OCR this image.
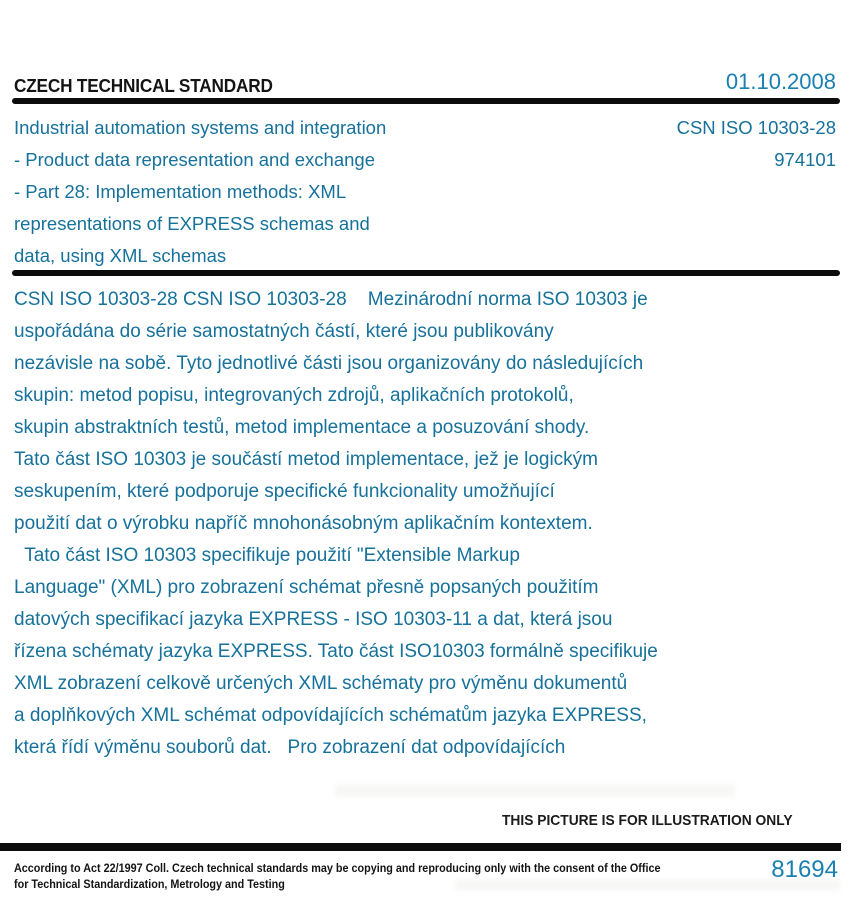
CZECH TECHNICAL STANDARD	01.10.2008
Industrial automation systems and integration
- Product data representation and exchange
- Part 28: Implementation methods: XML
representations of EXPRESS schemas and
data, using XML schemas
CSN ISO 10303-28
974101
CSN ISO 10303-28 CSN ISO 10303-28    Mezinárodní norma ISO 10303 je
uspořádána do série samostatných částí, které jsou publikovány
nezávisle na sobě. Tyto jednotlivé části jsou organizovány do následujících
skupin: metod popisu, integrovaných zdrojů, aplikačních protokolů,
skupin abstraktních testů, metod implementace a posuzování shody.
Tato část ISO 10303 je součástí metod implementace, jež je logickým
seskupením, které podporuje specifické funkcionality umožňující
použití dat o výrobku napříč mnohonásobným aplikačním kontextem.
Tato část ISO 10303 specifikuje použití "Extensible Markup
Language" (XML) pro zobrazení schémat přesně popsaných použitím
datových specifikací jazyka EXPRESS - ISO 10303-11 a dat, která jsou
řízena schématy jazyka EXPRESS. Tato část ISO10303 formálně specifikuje
XML zobrazení celkově určených XML schématy pro výměnu dokumentů
a doplňkových XML schémat odpovídajících schématům jazyka EXPRESS,
která řídí výměnu souborů dat.   Pro zobrazení dat odpovídajících
THIS PICTURE IS FOR ILLUSTRATION ONLY
According to Act 22/1997 Coll. Czech technical standards may be copying and reproducing only with the consent of the Office
for Technical Standardization, Metrology and Testing
81694
